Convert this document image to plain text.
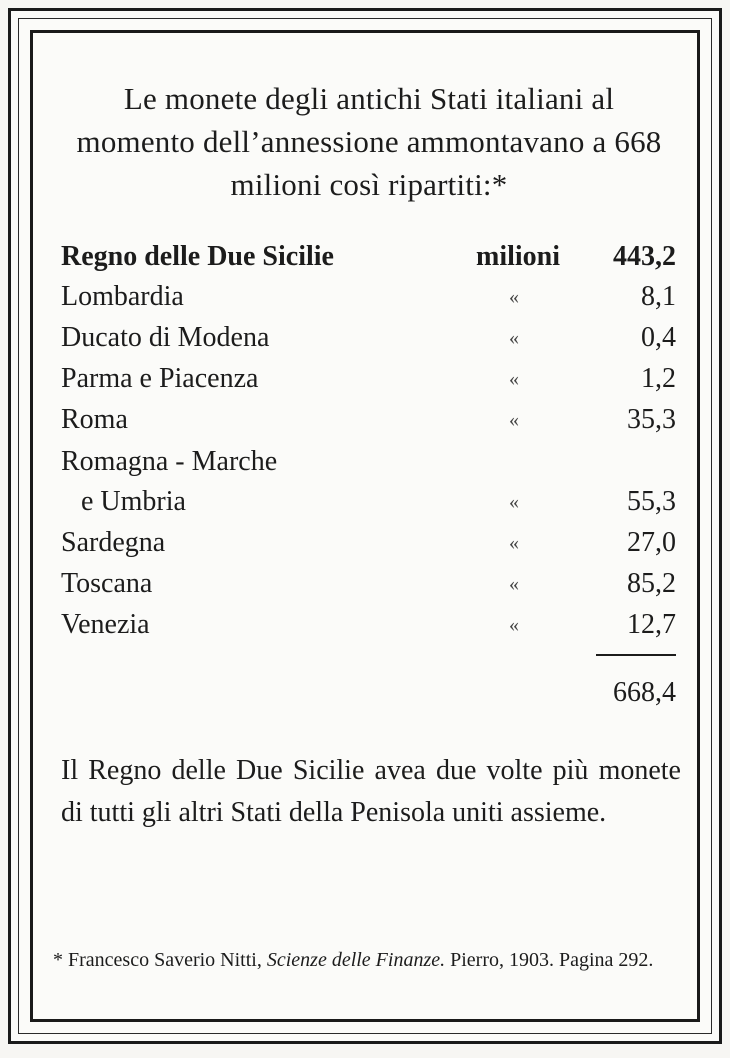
Le monete degli antichi Stati italiani al momento dell’annessione ammontavano a 668 milioni così ripartiti:*
Regno delle Due Sicilie	milioni 443,2
Lombardia	«	8,1
Ducato di Modena	«	0,4
Parma e Piacenza	«	1,2
Roma	«	35,3
Romagna - Marche
e Umbria	«	55,3
Sardegna	«	27,0
Toscana	«	85,2
Venezia	«	12,7
668,4
Il Regno delle Due Sicilie avea due volte più monete di tutti gli altri Stati della Penisola uniti assieme.
* Francesco Saverio Nitti, Scienze delle Finanze. Pierro, 1903. Pagina 292.
